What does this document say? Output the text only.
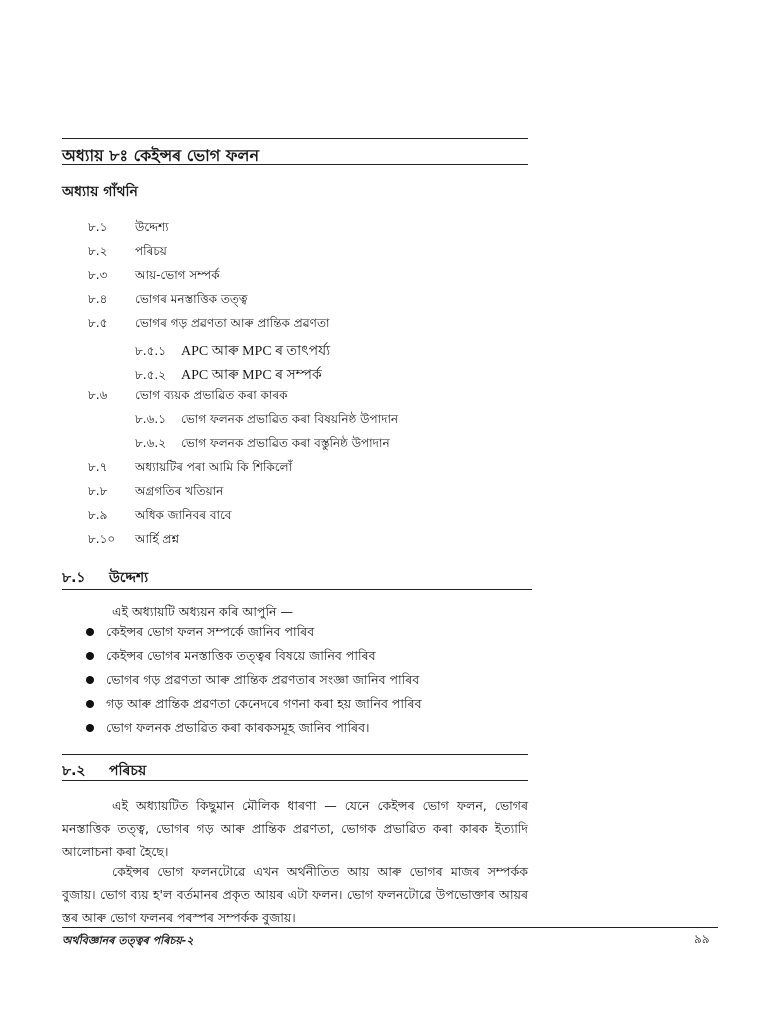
অধ্যায় ৮ঃ কেইন্সৰ ভোগ ফলন
অধ্যায় গাঁথনি
৮.১ উদ্দেশ্য
৮.২ পৰিচয়
৮.৩ আয়-ভোগ সম্পৰ্ক
৮.৪ ভোগৰ মনস্তাত্তিক তত্ত্ব
৮.৫ ভোগৰ গড় প্ৰৱণতা আৰু প্ৰান্তিক প্ৰৱণতা
৮.৫.১ APC আৰু MPC ৰ তাৎপৰ্য্য
৮.৫.২ APC আৰু MPC ৰ সম্পৰ্ক
৮.৬ ভোগ ব্যয়ক প্ৰভাৱিত কৰা কাৰক
৮.৬.১ ভোগ ফলনক প্ৰভাৱিত কৰা বিষয়নিষ্ঠ উপাদান
৮.৬.২ ভোগ ফলনক প্ৰভাৱিত কৰা বস্তুনিষ্ঠ উপাদান
৮.৭ অধ্যায়টিৰ পৰা আমি কি শিকিলোঁ
৮.৮ অগ্ৰগতিৰ খতিয়ান
৮.৯ অধিক জানিবৰ বাবে
৮.১০ আৰ্হি প্ৰশ্ন
৮.১ উদ্দেশ্য
এই অধ্যায়টি অধ্যয়ন কৰি আপুনি —
কেইন্সৰ ভোগ ফলন সম্পৰ্কে জানিব পাৰিব
কেইন্সৰ ভোগৰ মনস্তাত্তিক তত্ত্বৰ বিষয়ে জানিব পাৰিব
ভোগৰ গড় প্ৰৱণতা আৰু প্ৰান্তিক প্ৰৱণতাৰ সংজ্ঞা জানিব পাৰিব
গড় আৰু প্ৰান্তিক প্ৰৱণতা কেনেদৰে গণনা কৰা হয় জানিব পাৰিব
ভোগ ফলনক প্ৰভাৱিত কৰা কাৰকসমূহ জানিব পাৰিব।
৮.২ পৰিচয়
এই অধ্যায়টিত কিছুমান মৌলিক ধাৰণা — যেনে কেইন্সৰ ভোগ ফলন, ভোগৰ মনস্তাত্তিক তত্ত্ব, ভোগৰ গড় আৰু প্ৰান্তিক প্ৰৱণতা, ভোগক প্ৰভাৱিত কৰা কাৰক ইত্যাদি আলোচনা কৰা হৈছে।
কেইন্সৰ ভোগ ফলনটোৱে এখন অৰ্থনীতিত আয় আৰু ভোগৰ মাজৰ সম্পৰ্কক বুজায়। ভোগ ব্যয় হ'ল বৰ্তমানৰ প্ৰকৃত আয়ৰ এটা ফলন। ভোগ ফলনটোৱে উপভোক্তাৰ আয়ৰ স্তৰ আৰু ভোগ ফলনৰ পৰস্পৰ সম্পৰ্কক বুজায়।
অৰ্থবিজ্ঞানৰ তত্ত্বৰ পৰিচয়-২	৯৯
